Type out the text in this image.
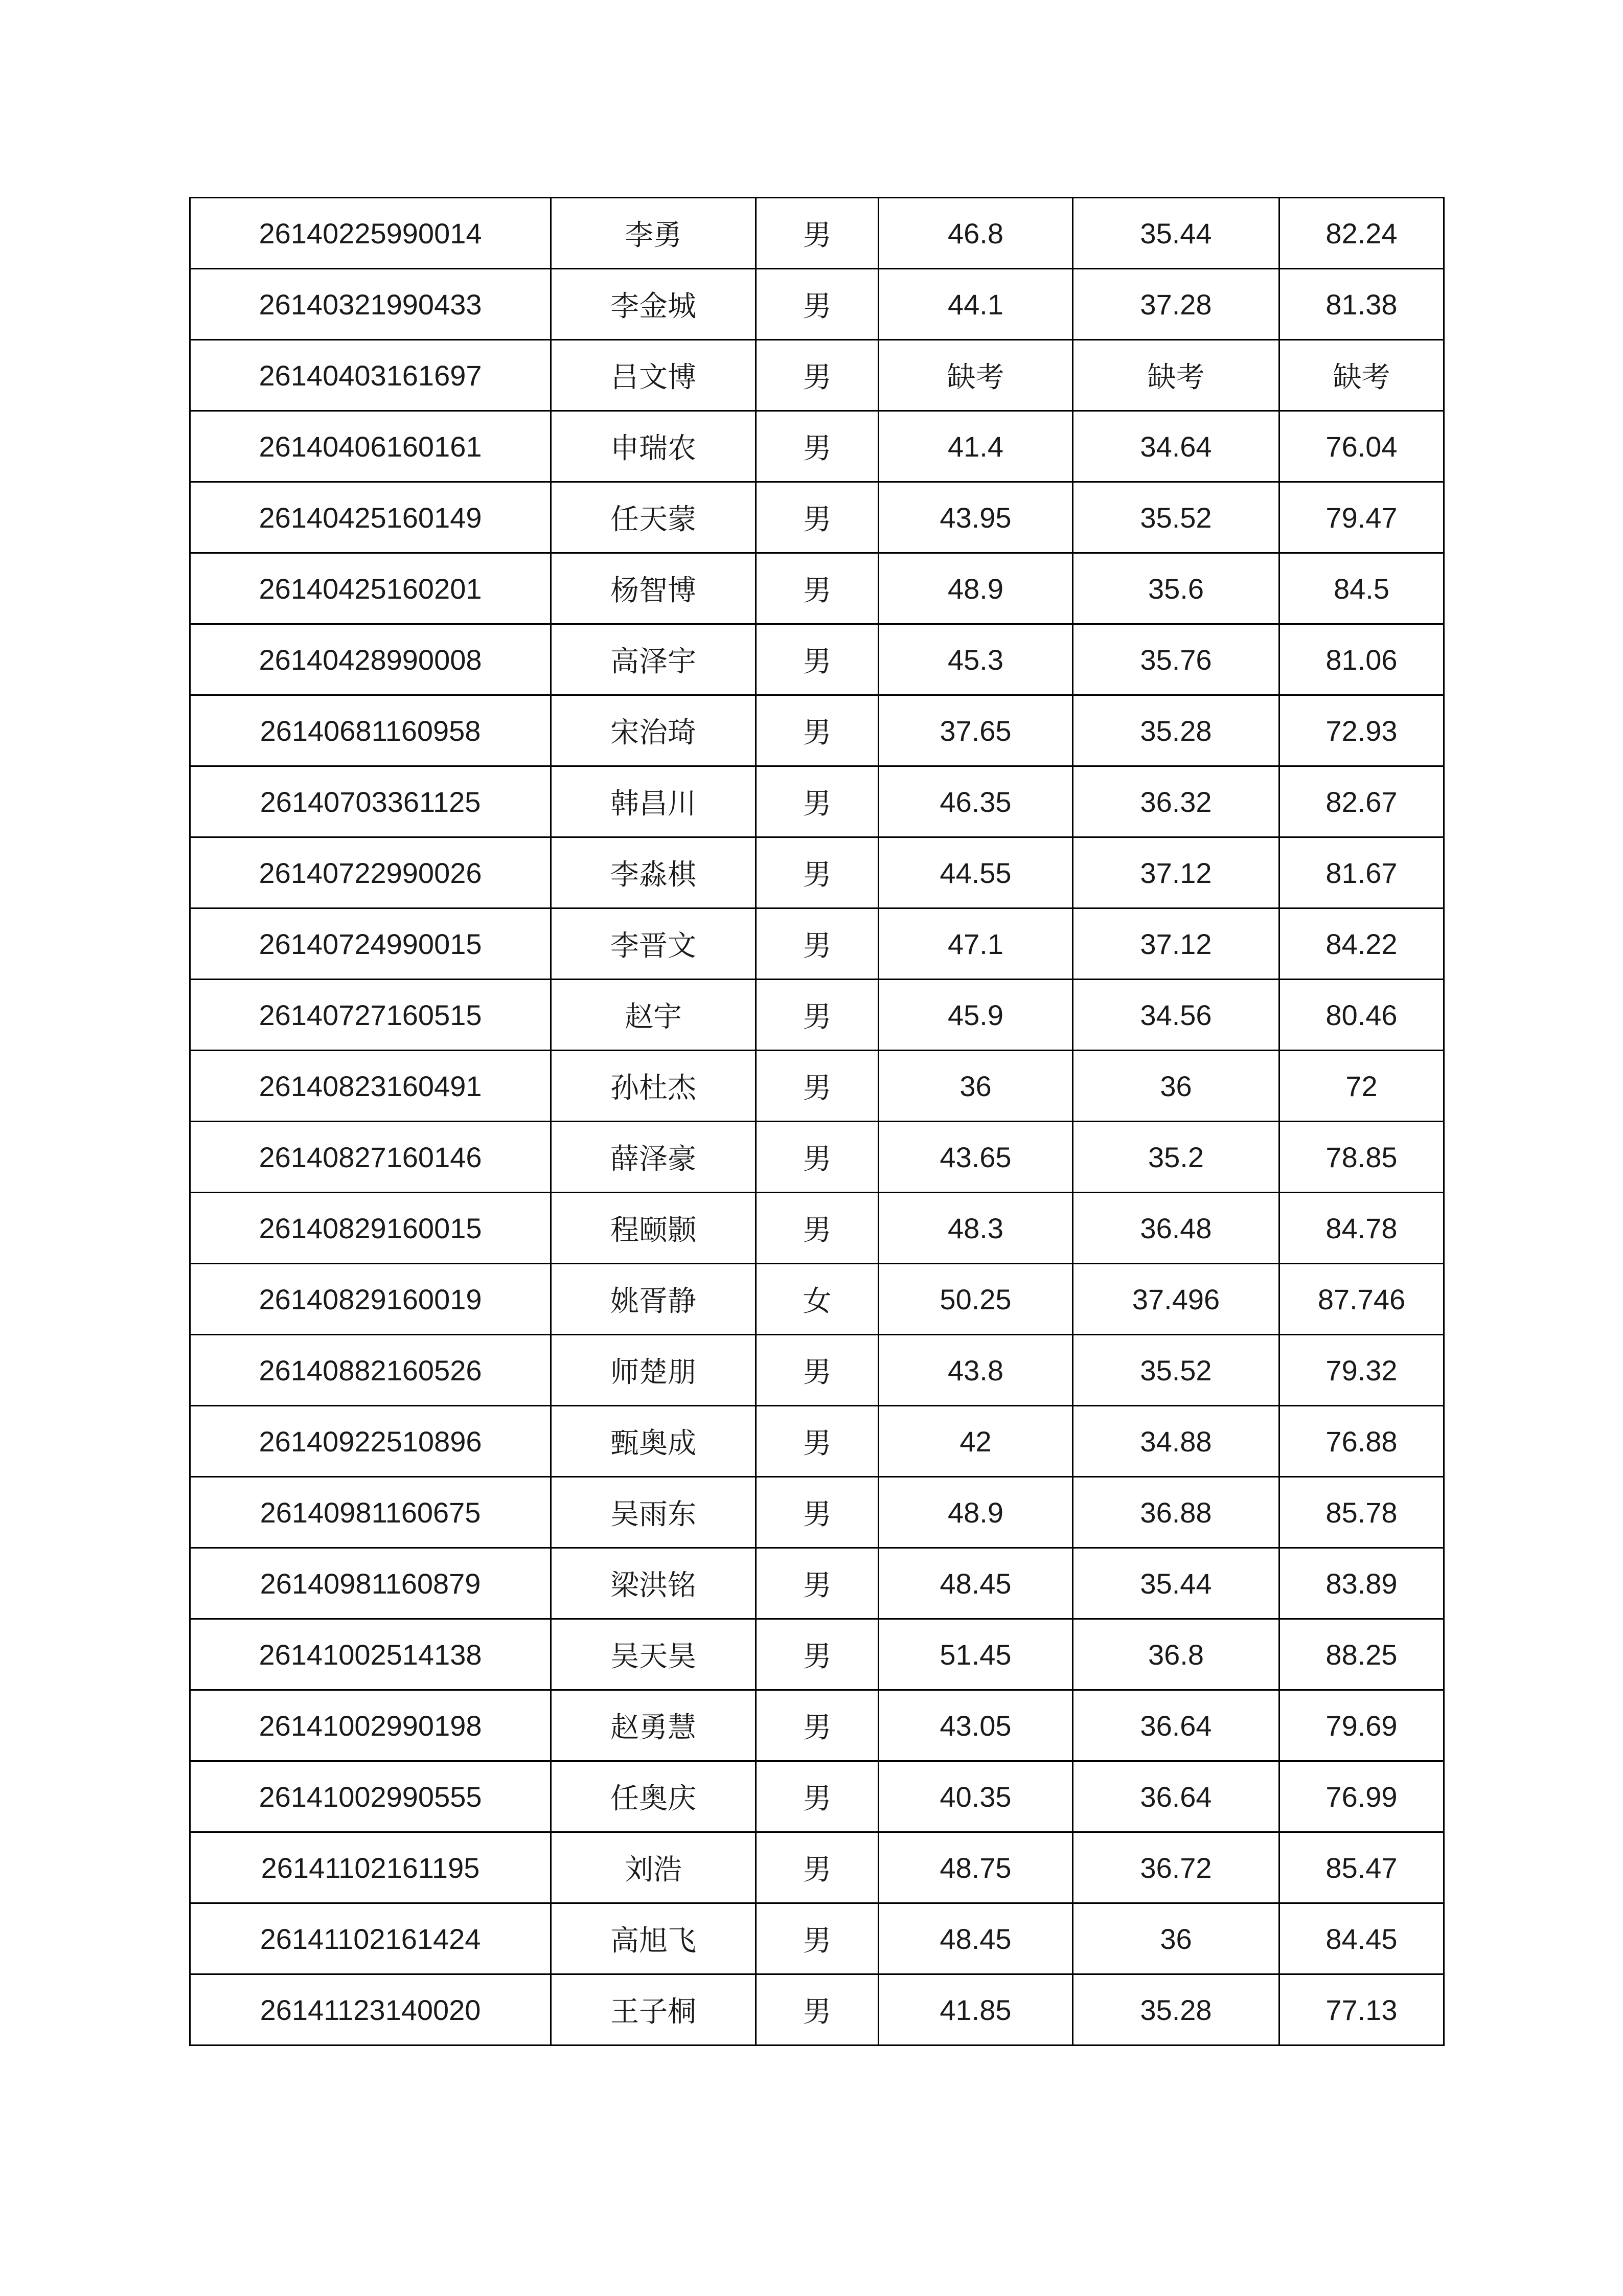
26140225990014	李勇	男	46.8	35.44	82.24
26140321990433	李金城	男	44.1	37.28	81.38
26140403161697	吕文博	男	缺考	缺考	缺考
26140406160161	申瑞农	男	41.4	34.64	76.04
26140425160149	任天蒙	男	43.95	35.52	79.47
26140425160201	杨智博	男	48.9	35.6	84.5
26140428990008	高泽宇	男	45.3	35.76	81.06
26140681160958	宋治琦	男	37.65	35.28	72.93
26140703361125	韩昌川	男	46.35	36.32	82.67
26140722990026	李淼棋	男	44.55	37.12	81.67
26140724990015	李晋文	男	47.1	37.12	84.22
26140727160515	赵宇	男	45.9	34.56	80.46
26140823160491	孙杜杰	男	36	36	72
26140827160146	薛泽豪	男	43.65	35.2	78.85
26140829160015	程颐颢	男	48.3	36.48	84.78
26140829160019	姚胥静	女	50.25	37.496	87.746
26140882160526	师楚朋	男	43.8	35.52	79.32
26140922510896	甄奥成	男	42	34.88	76.88
26140981160675	吴雨东	男	48.9	36.88	85.78
26140981160879	梁洪铭	男	48.45	35.44	83.89
26141002514138	吴天昊	男	51.45	36.8	88.25
26141002990198	赵勇慧	男	43.05	36.64	79.69
26141002990555	任奥庆	男	40.35	36.64	76.99
26141102161195	刘浩	男	48.75	36.72	85.47
26141102161424	高旭飞	男	48.45	36	84.45
26141123140020	王子桐	男	41.85	35.28	77.13
